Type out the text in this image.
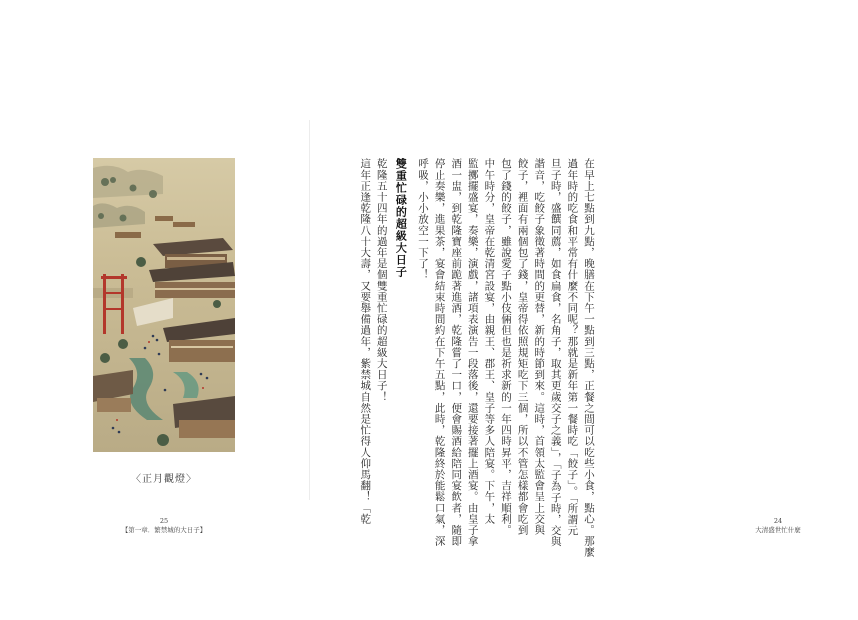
〈正月觀燈〉
25
【第一章．繁禁城的大日子】	在早上七點到九點，晚膳在下午一點到三點，正餐之間可以吃些小食，點心。那麼
過年時的吃食和平常有什麼不同呢？那就是新年第一餐時吃「餃子」。「所謂元
旦子時，盛饌同薦，如食扁食，名角子，取其更歲交子之義」，「子為子時，交與
諧音，吃餃子象徵著時間的更替，新的時節到來。這時，首領太監會呈上交與
餃子，裡面有兩個包了錢，皇帝得依照規矩吃下三個，所以不管怎樣都會吃到
包了錢的餃子，雖說愛子點小伎倆但也是祈求新的一年四時昇平，吉祥順利。
中午時分，皇帝在乾清宮設宴，由親王、郡王、皇子等多人陪宴。下午，太
監擲擺盛宴，奏樂，演戲，諸項表演告一段落後，還要接著擺上酒宴。由皇子拿
酒一盅，到乾隆寶座前跪著進酒，乾隆嘗了一口，便會賜酒給陪同宴飲者，隨即
停止奏樂，進果茶，宴會結束時間約在下午五點，此時，乾隆終於能鬆口氣，深
呼吸，小小放空一下了！
雙重忙碌的超級大日子
乾隆五十四年的過年是個雙重忙碌的超級大日子！
這年正逢乾隆八十大壽，又要舉備過年，紫禁城自然是忙得人仰馬翻！「乾	24
大清盛世忙什麼
